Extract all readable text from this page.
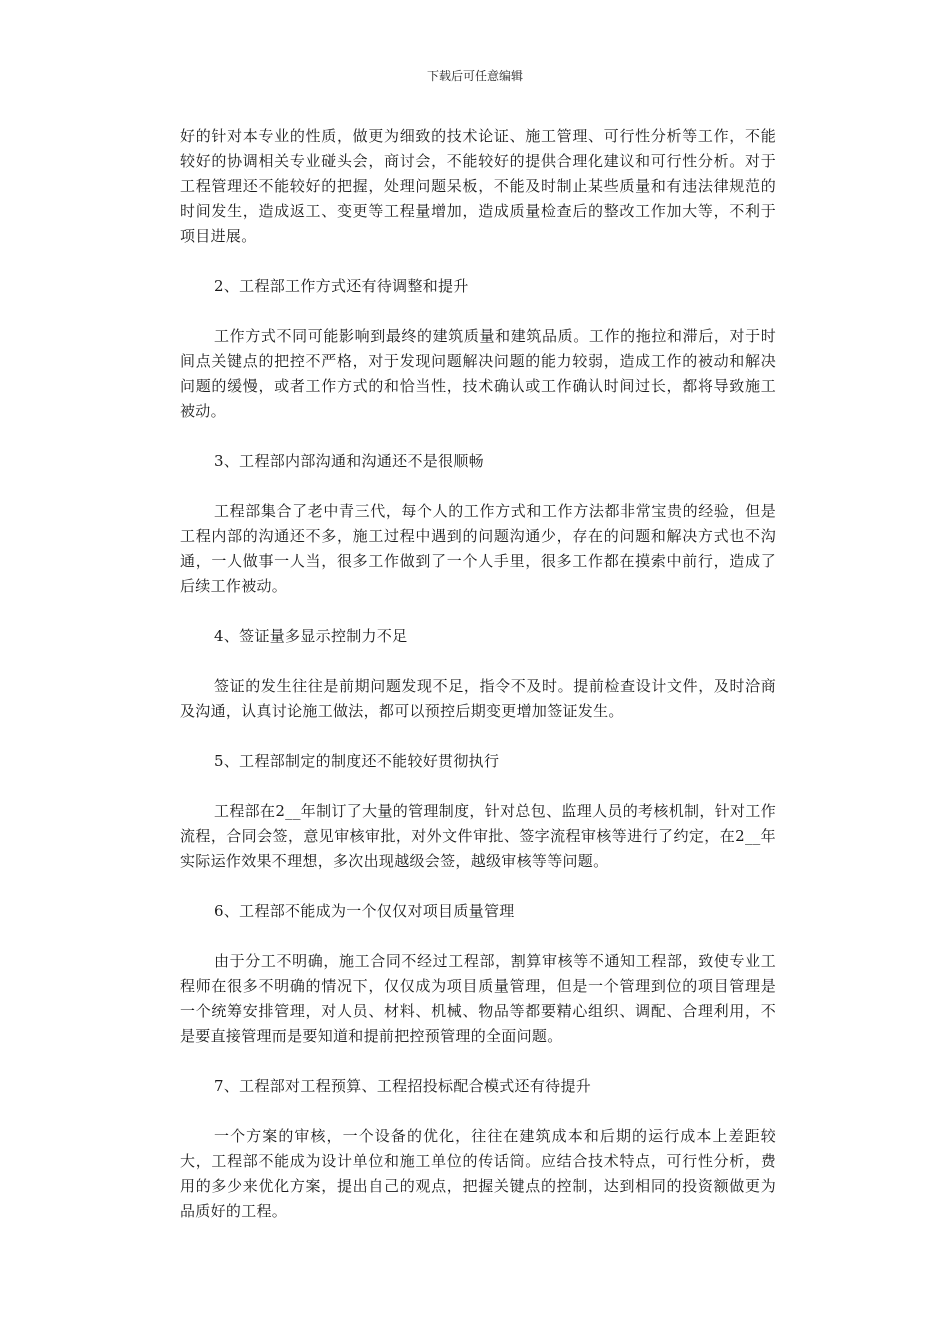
下载后可任意编辑

好的针对本专业的性质，做更为细致的技术论证、施工管理、可行性分析等工作，不能较好的协调相关专业碰头会，商讨会，不能较好的提供合理化建议和可行性分析。对于工程管理还不能较好的把握，处理问题呆板，不能及时制止某些质量和有违法律规范的时间发生，造成返工、变更等工程量增加，造成质量检查后的整改工作加大等，不利于项目进展。

2、工程部工作方式还有待调整和提升

工作方式不同可能影响到最终的建筑质量和建筑品质。工作的拖拉和滞后，对于时间点关键点的把控不严格，对于发现问题解决问题的能力较弱，造成工作的被动和解决问题的缓慢，或者工作方式的和恰当性，技术确认或工作确认时间过长，都将导致施工被动。

3、工程部内部沟通和沟通还不是很顺畅

工程部集合了老中青三代，每个人的工作方式和工作方法都非常宝贵的经验，但是工程内部的沟通还不多，施工过程中遇到的问题沟通少，存在的问题和解决方式也不沟通，一人做事一人当，很多工作做到了一个人手里，很多工作都在摸索中前行，造成了后续工作被动。

4、签证量多显示控制力不足

签证的发生往往是前期问题发现不足，指令不及时。提前检查设计文件，及时洽商及沟通，认真讨论施工做法，都可以预控后期变更增加签证发生。

5、工程部制定的制度还不能较好贯彻执行

工程部在2__年制订了大量的管理制度，针对总包、监理人员的考核机制，针对工作流程，合同会签，意见审核审批，对外文件审批、签字流程审核等进行了约定，在2__年实际运作效果不理想，多次出现越级会签，越级审核等等问题。

6、工程部不能成为一个仅仅对项目质量管理

由于分工不明确，施工合同不经过工程部，割算审核等不通知工程部，致使专业工程师在很多不明确的情况下，仅仅成为项目质量管理，但是一个管理到位的项目管理是一个统筹安排管理，对人员、材料、机械、物品等都要精心组织、调配、合理利用，不是要直接管理而是要知道和提前把控预管理的全面问题。

7、工程部对工程预算、工程招投标配合模式还有待提升

一个方案的审核，一个设备的优化，往往在建筑成本和后期的运行成本上差距较大，工程部不能成为设计单位和施工单位的传话筒。应结合技术特点，可行性分析，费用的多少来优化方案，提出自己的观点，把握关键点的控制，达到相同的投资额做更为品质好的工程。
